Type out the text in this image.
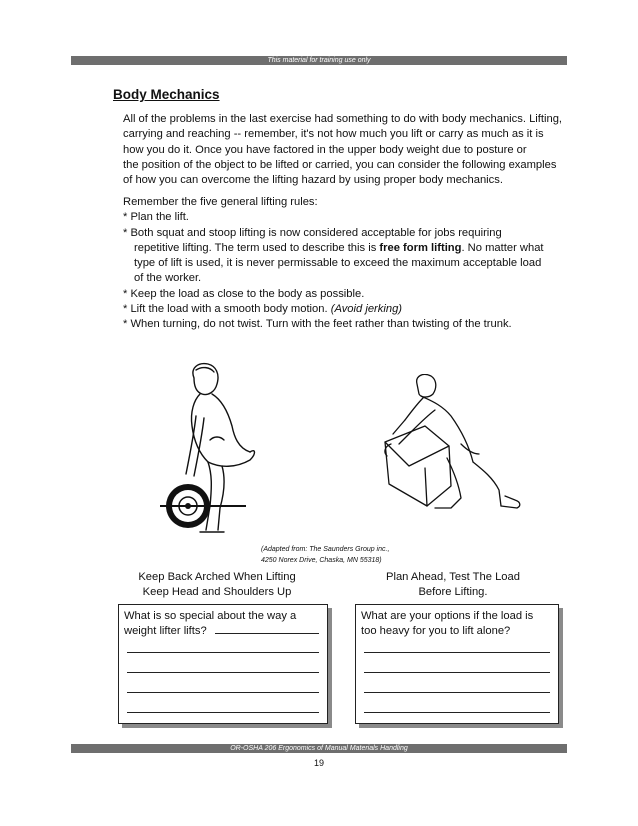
This material for training use only
Body Mechanics
All of the problems in the last exercise had something to do with body mechanics. Lifting,
carrying and reaching -- remember, it's not how much you lift or carry as much as it is
how you do it. Once you have factored in the upper body weight due to posture or
the position of the object to be lifted or carried, you can consider the following examples
of how you can overcome the lifting hazard by using proper body mechanics.
Remember the five general lifting rules:
* Plan the lift.
* Both squat and stoop lifting is now considered acceptable for jobs requiring
repetitive lifting. The term used to describe this is free form lifting. No matter what
type of lift is used, it is never permissable to exceed the maximum acceptable load
of the worker.
* Keep the load as close to the body as possible.
* Lift the load with a smooth body motion. (Avoid jerking)
* When turning, do not twist. Turn with the feet rather than twisting of the trunk.
(Adapted from: The Saunders Group inc.,
4250 Norex Drive, Chaska, MN 55318)
Keep Back Arched When Lifting
Keep Head and Shoulders Up
Plan Ahead, Test The Load
Before Lifting.
What is so special about the way a
weight lifter lifts?
What are your options if the load is
too heavy for you to lift alone?
OR-OSHA 206 Ergonomics of Manual Materials Handling
19
